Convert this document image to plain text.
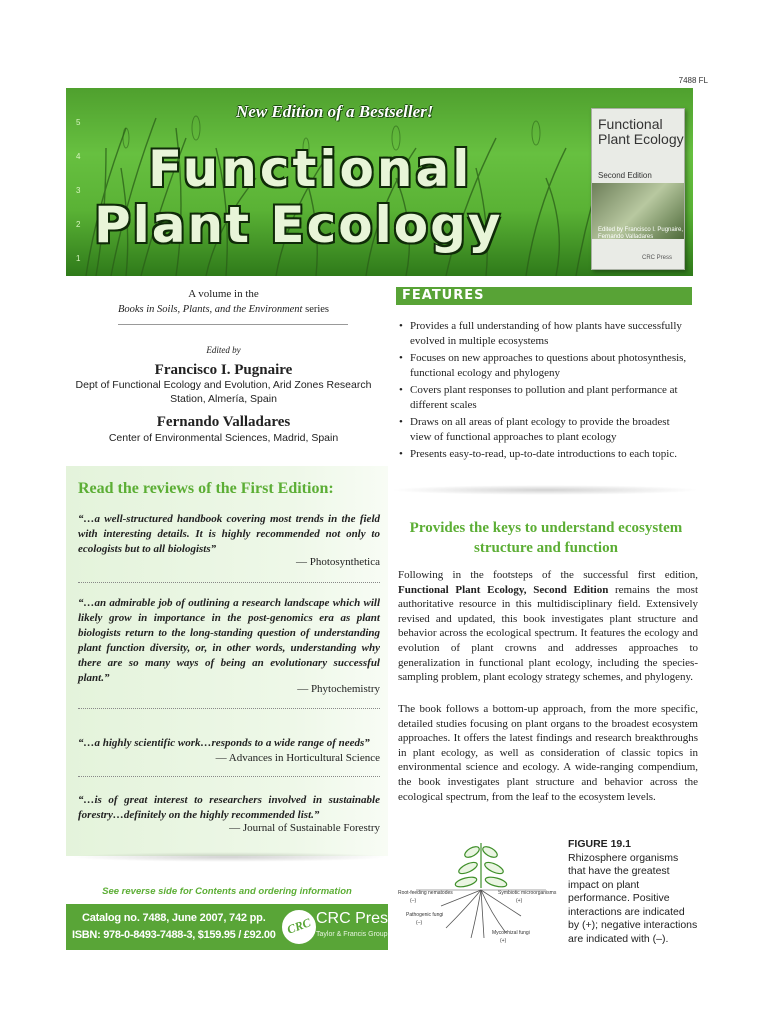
7488 FL
5
4
3
2
1
New Edition of a Bestseller!
Functional
Plant Ecology
Functional Plant Ecology
Second Edition
Edited by Francisco I. Pugnaire, Fernando Valladares
CRC Press
A volume in the
Books in Soils, Plants, and the Environment series
Edited by
Francisco I. Pugnaire
Dept of Functional Ecology and Evolution, Arid Zones Research Station, Almería, Spain
Fernando Valladares
Center of Environmental Sciences, Madrid, Spain
FEATURES
• Provides a full understanding of how plants have successfully evolved in multiple ecosystems
• Focuses on new approaches to questions about photosynthesis, functional ecology and phylogeny
• Covers plant responses to pollution and plant performance at different scales
• Draws on all areas of plant ecology to provide the broadest view of functional approaches to plant ecology
• Presents easy-to-read, up-to-date introductions to each topic.
Read the reviews of the First Edition:
“…a well-structured handbook covering most trends in the field with interesting details. It is highly recommended not only to ecologists but to all biologists”
— Photosynthetica
“…an admirable job of outlining a research landscape which will likely grow in importance in the post-genomics era as plant biologists return to the long-standing question of understanding plant function diversity, or, in other words, understanding why there are so many ways of being an evolutionary successful plant.”
— Phytochemistry
“…a highly scientific work…responds to a wide range of needs”
— Advances in Horticultural Science
“…is of great interest to researchers involved in sustainable forestry…definitely on the highly recommended list.”
— Journal of Sustainable Forestry
Provides the keys to understand ecosystem structure and function

Following in the footsteps of the successful first edition, Functional Plant Ecology, Second Edition remains the most authoritative resource in this multidisciplinary field. Extensively revised and updated, this book investigates plant structure and behavior across the ecological spectrum. It features the ecology and evolution of plant crowns and addresses approaches to generalization in functional plant ecology, including the species-sampling problem, plant ecology strategy schemes, and phylogeny.

The book follows a bottom-up approach, from the more specific, detailed studies focusing on plant organs to the broadest ecosystem approaches. It offers the latest findings and research breakthroughs in plant ecology, as well as consideration of classic topics in environmental science and ecology. A wide-ranging compendium, the book investigates plant structure and behavior across the ecological spectrum, from the leaf to the ecosystem levels.

Root-feeding nematodes
(–)
Symbiotic microorganisms
(+)
Pathogenic fungi
(–)
Mycorrhizal fungi
(+)
FIGURE 19.1
Rhizosphere organisms that have the greatest impact on plant performance. Positive interactions are indicated by (+); negative interactions are indicated with (–).
See reverse side for Contents and ordering information
Catalog no. 7488, June 2007, 742 pp.
ISBN: 978-0-8493-7488-3, $159.95 / £92.00 CRC CRC Press
Taylor & Francis Group
